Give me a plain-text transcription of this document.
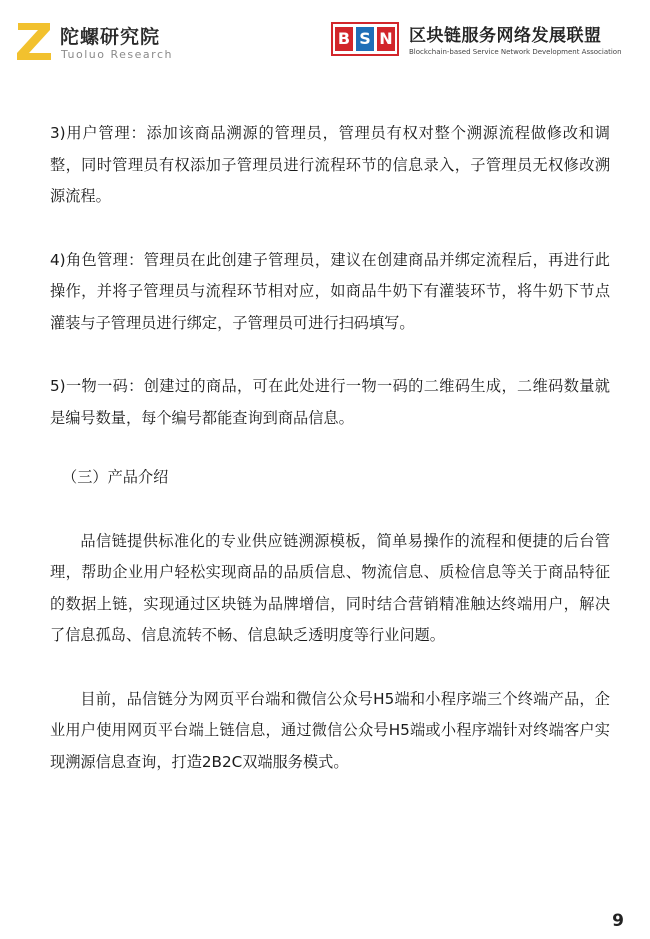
陀螺研究院
Tuoluo Research
B S N 区块链服务网络发展联盟
Blockchain-based Service Network Development Association

3)用户管理：添加该商品溯源的管理员，管理员有权对整个溯源流程做修改和调整，同时管理员有权添加子管理员进行流程环节的信息录入，子管理员无权修改溯源流程。

4)角色管理：管理员在此创建子管理员，建议在创建商品并绑定流程后，再进行此操作，并将子管理员与流程环节相对应，如商品牛奶下有灌装环节，将牛奶下节点灌装与子管理员进行绑定，子管理员可进行扫码填写。

5)一物一码：创建过的商品，可在此处进行一物一码的二维码生成，二维码数量就是编号数量，每个编号都能查询到商品信息。

（三）产品介绍

品信链提供标准化的专业供应链溯源模板，简单易操作的流程和便捷的后台管理，帮助企业用户轻松实现商品的品质信息、物流信息、质检信息等关于商品特征的数据上链，实现通过区块链为品牌增信，同时结合营销精准触达终端用户，解决了信息孤岛、信息流转不畅、信息缺乏透明度等行业问题。

目前，品信链分为网页平台端和微信公众号H5端和小程序端三个终端产品，企业用户使用网页平台端上链信息，通过微信公众号H5端或小程序端针对终端客户实现溯源信息查询，打造2B2C双端服务模式。

9
